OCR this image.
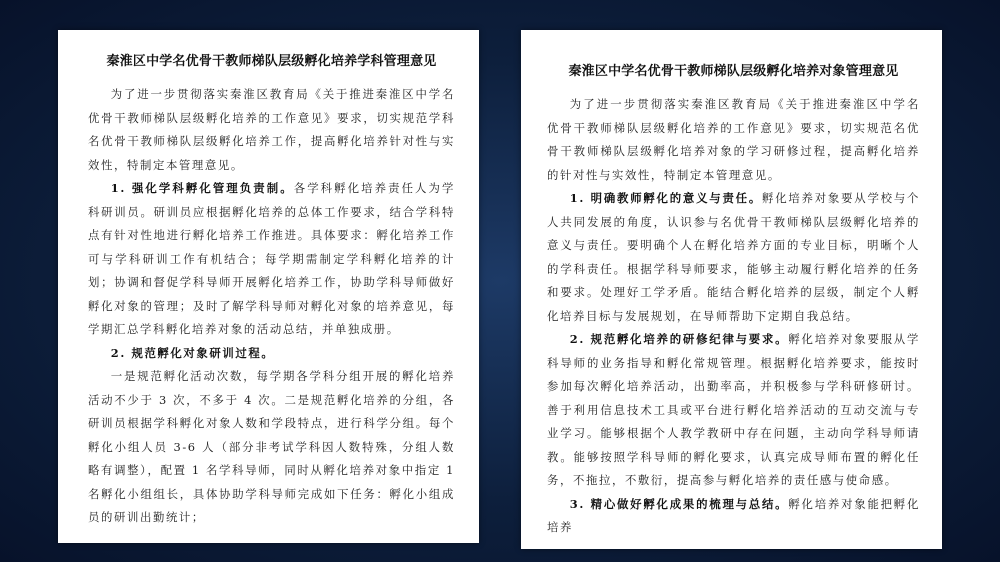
秦淮区中学名优骨干教师梯队层级孵化培养学科管理意见

为了进一步贯彻落实秦淮区教育局《关于推进秦淮区中学名优骨干教师梯队层级孵化培养的工作意见》要求，切实规范学科名优骨干教师梯队层级孵化培养工作，提高孵化培养针对性与实效性，特制定本管理意见。

1. 强化学科孵化管理负责制。各学科孵化培养责任人为学科研训员。研训员应根据孵化培养的总体工作要求，结合学科特点有针对性地进行孵化培养工作推进。具体要求：孵化培养工作可与学科研训工作有机结合；每学期需制定学科孵化培养的计划；协调和督促学科导师开展孵化培养工作，协助学科导师做好孵化对象的管理；及时了解学科导师对孵化对象的培养意见，每学期汇总学科孵化培养对象的活动总结，并单独成册。

2. 规范孵化对象研训过程。

一是规范孵化活动次数，每学期各学科分组开展的孵化培养活动不少于 3 次，不多于 4 次。二是规范孵化培养的分组，各研训员根据学科孵化对象人数和学段特点，进行科学分组。每个孵化小组人员 3-6 人（部分非考试学科因人数特殊，分组人数略有调整），配置 1 名学科导师，同时从孵化培养对象中指定 1 名孵化小组组长，具体协助学科导师完成如下任务：孵化小组成员的研训出勤统计；

秦淮区中学名优骨干教师梯队层级孵化培养对象管理意见

为了进一步贯彻落实秦淮区教育局《关于推进秦淮区中学名优骨干教师梯队层级孵化培养的工作意见》要求，切实规范名优骨干教师梯队层级孵化培养对象的学习研修过程，提高孵化培养的针对性与实效性，特制定本管理意见。

1. 明确教师孵化的意义与责任。孵化培养对象要从学校与个人共同发展的角度，认识参与名优骨干教师梯队层级孵化培养的意义与责任。要明确个人在孵化培养方面的专业目标，明晰个人的学科责任。根据学科导师要求，能够主动履行孵化培养的任务和要求。处理好工学矛盾。能结合孵化培养的层级，制定个人孵化培养目标与发展规划，在导师帮助下定期自我总结。

2. 规范孵化培养的研修纪律与要求。孵化培养对象要服从学科导师的业务指导和孵化常规管理。根据孵化培养要求，能按时参加每次孵化培养活动，出勤率高，并积极参与学科研修研讨。善于利用信息技术工具或平台进行孵化培养活动的互动交流与专业学习。能够根据个人教学教研中存在问题，主动向学科导师请教。能够按照学科导师的孵化要求，认真完成导师布置的孵化任务，不拖拉，不敷衍，提高参与孵化培养的责任感与使命感。

3. 精心做好孵化成果的梳理与总结。孵化培养对象能把孵化培养
